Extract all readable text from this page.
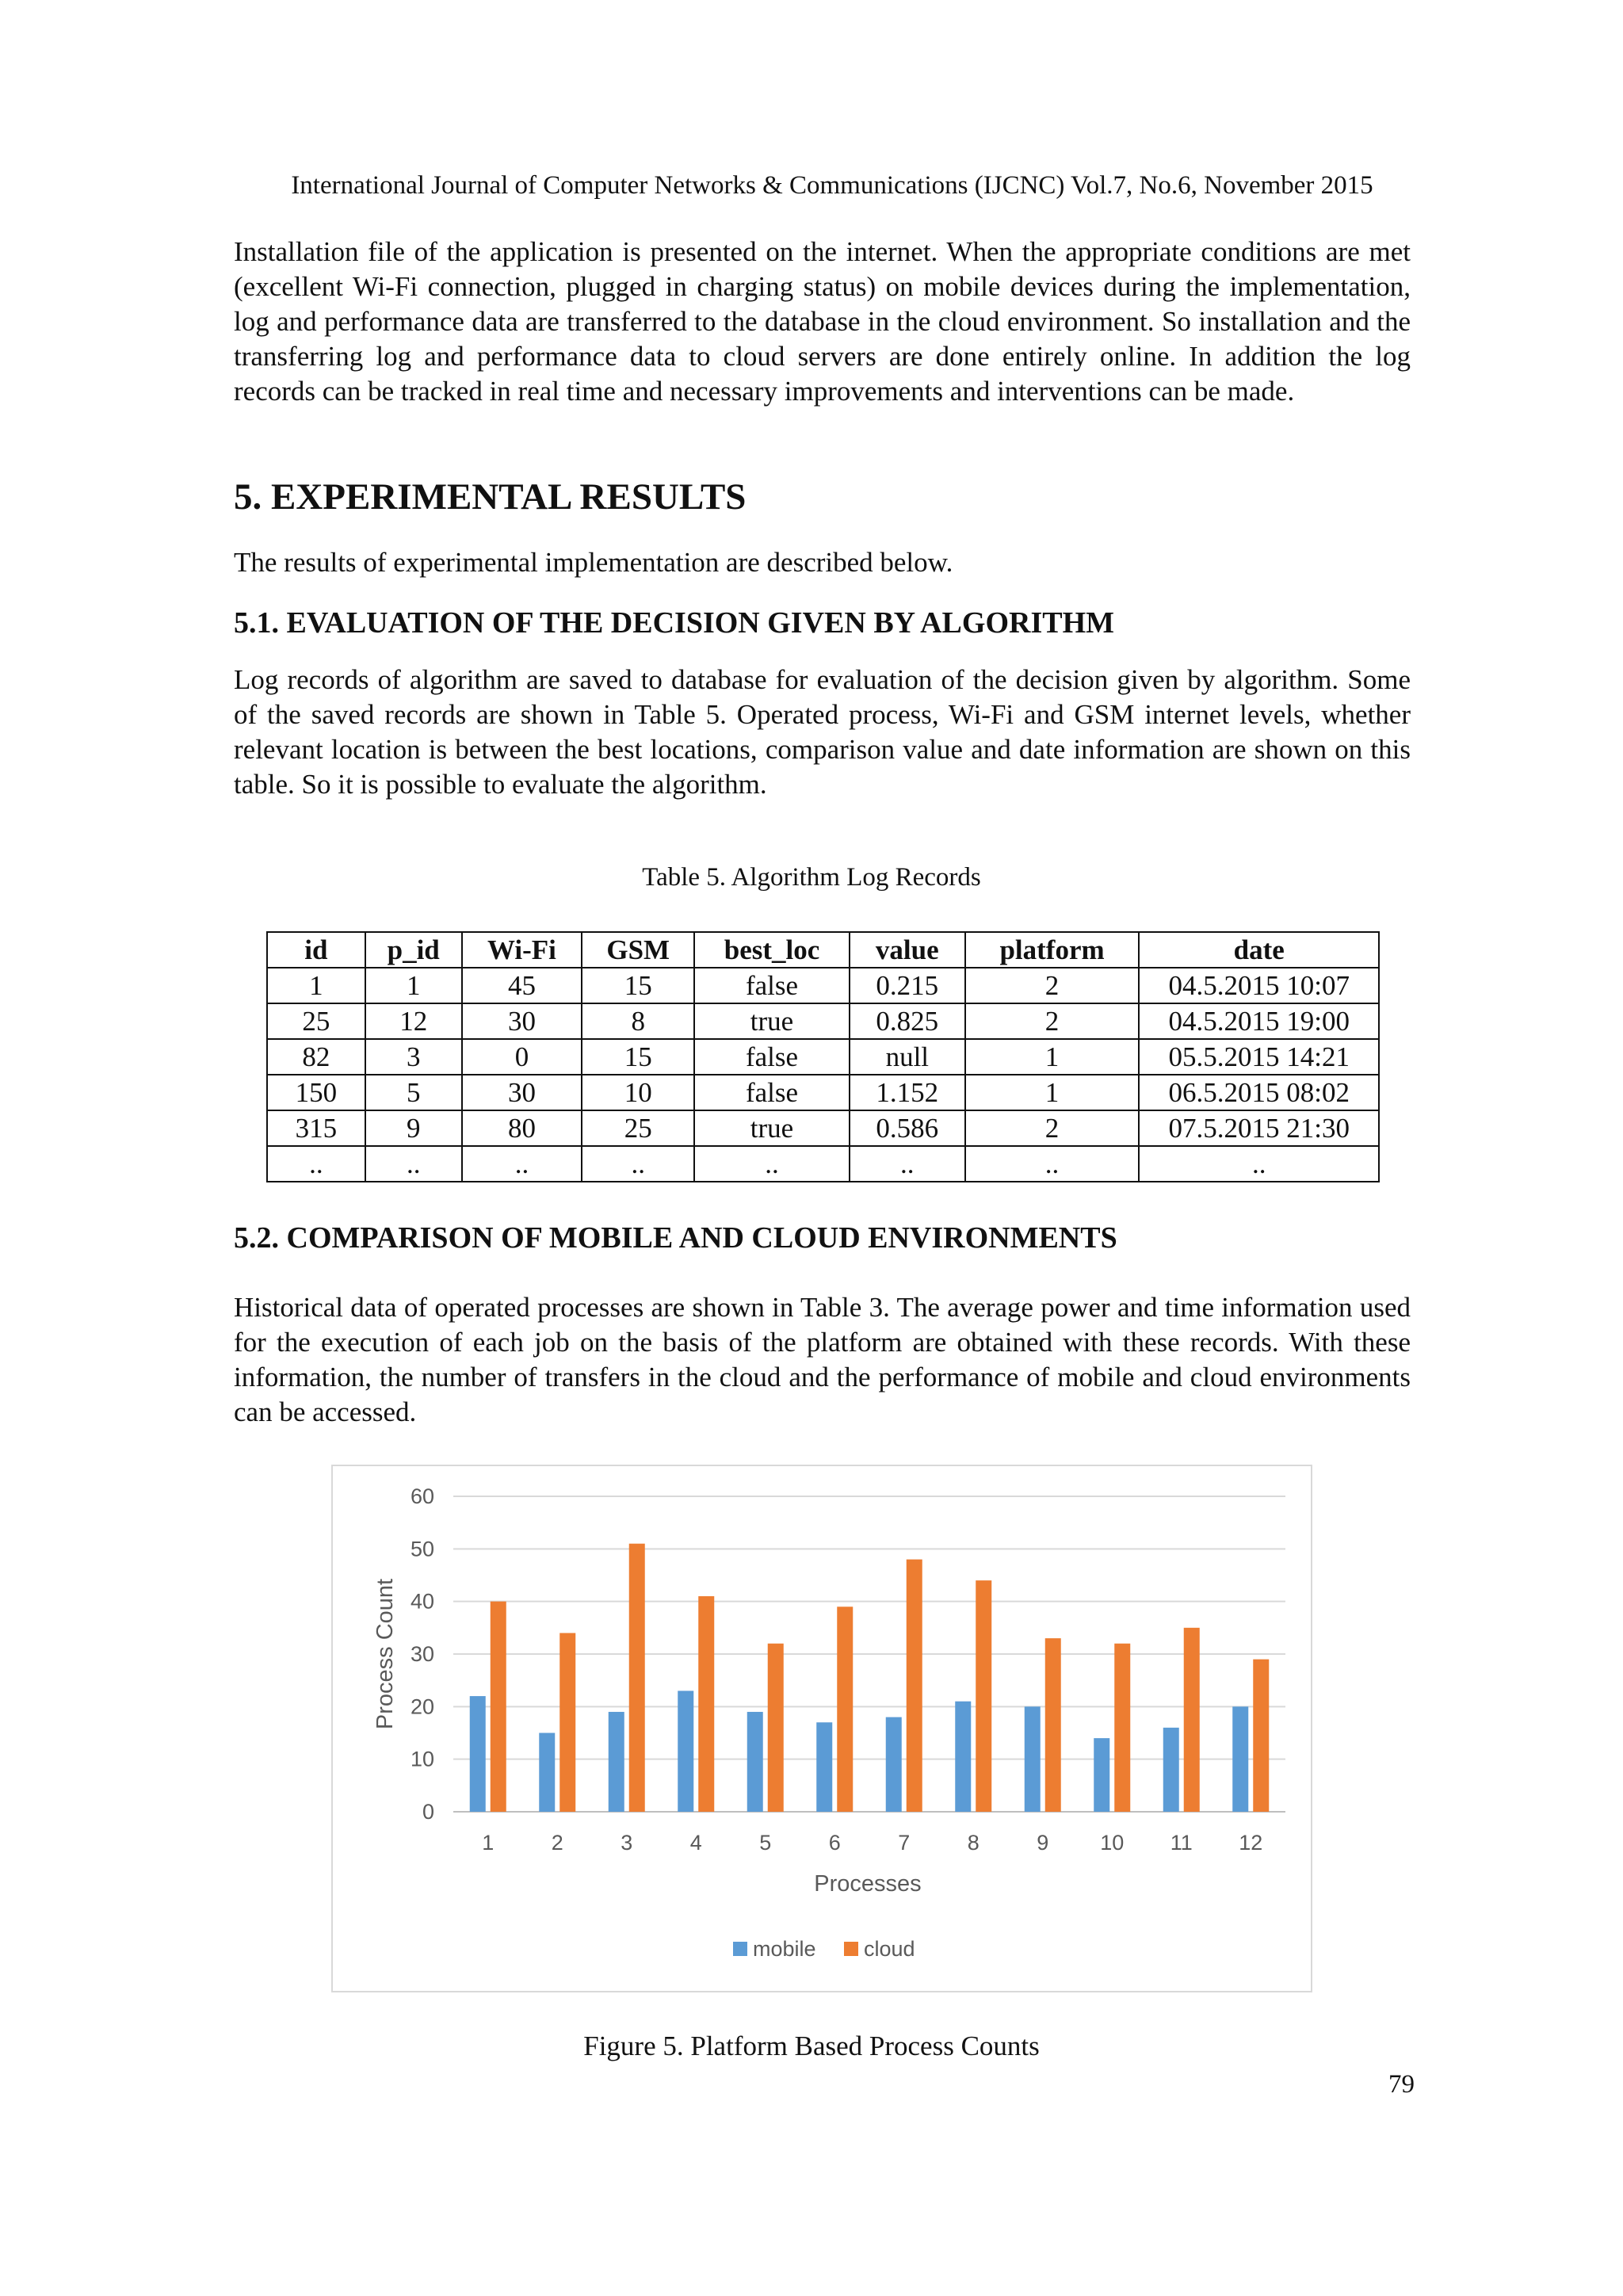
International Journal of Computer Networks & Communications (IJCNC) Vol.7, No.6, November 2015

Installation file of the application is presented on the internet. When the appropriate conditions are met (excellent Wi-Fi connection, plugged in charging status) on mobile devices during the implementation, log and performance data are transferred to the database in the cloud environment. So installation and the transferring log and performance data to cloud servers are done entirely online. In addition the log records can be tracked in real time and necessary improvements and interventions can be made.

5. EXPERIMENTAL RESULTS

The results of experimental implementation are described below.

5.1. EVALUATION OF THE DECISION GIVEN BY ALGORITHM

Log records of algorithm are saved to database for evaluation of the decision given by algorithm. Some of the saved records are shown in Table 5. Operated process, Wi-Fi and GSM internet levels, whether relevant location is between the best locations, comparison value and date information are shown on this table. So it is possible to evaluate the algorithm.

Table 5. Algorithm Log Records
id	p_id	Wi-Fi	GSM	best_loc	value	platform	date
1	1	45	15	false	0.215	2	04.5.2015 10:07
25	12	30	8	true	0.825	2	04.5.2015 19:00
82	3	0	15	false	null	1	05.5.2015 14:21
150	5	30	10	false	1.152	1	06.5.2015 08:02
315	9	80	25	true	0.586	2	07.5.2015 21:30
..	..	..	..	..	..	..	..
5.2. COMPARISON OF MOBILE AND CLOUD ENVIRONMENTS

Historical data of operated processes are shown in Table 3. The average power and time information used for the execution of each job on the basis of the platform are obtained with these records. With these information, the number of transfers in the cloud and the performance of mobile and cloud environments can be accessed.

0
10
20
30
40
50
60
1	2	3	4	5	6	7	8	9 10 11 12
Processes
Process Count
mobile cloud
Figure 5. Platform Based Process Counts
79
